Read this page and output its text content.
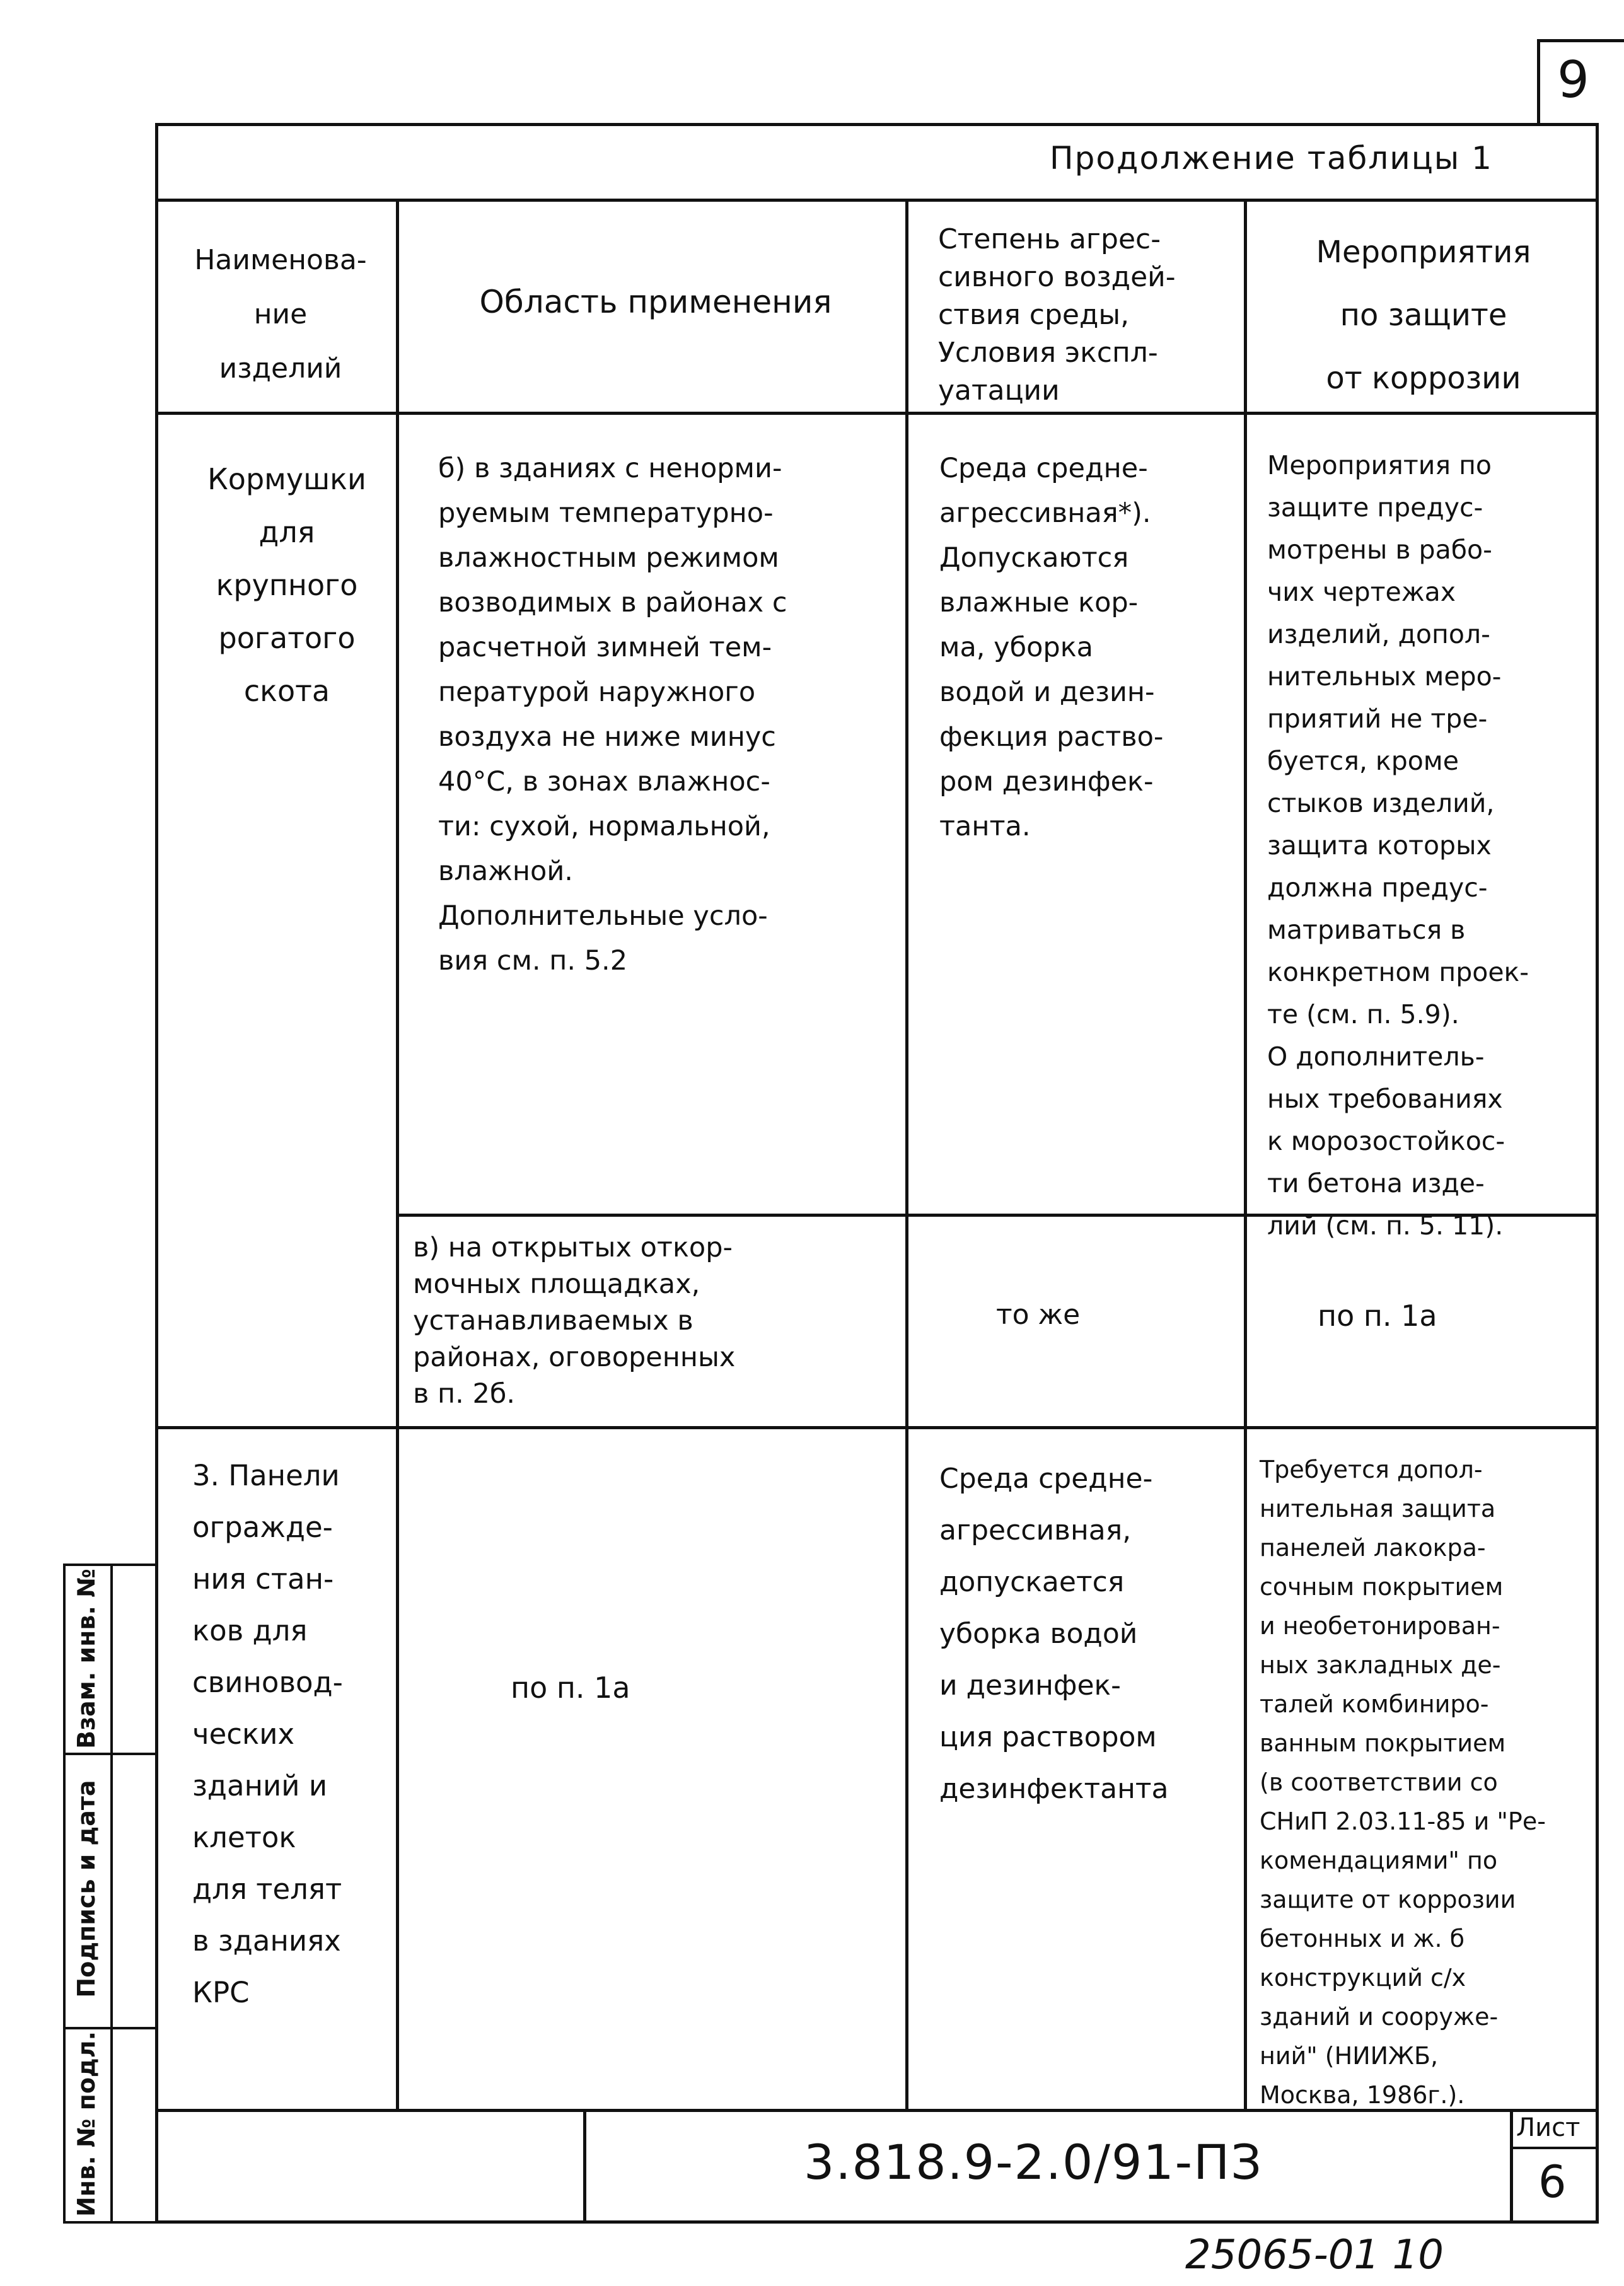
9
Продолжение таблицы 1
Наименова-
ние
изделий
Область применения
Степень агрес-
сивного воздей-
ствия среды,
Условия экспл-
уатации
Мероприятия
по защите
от коррозии
Кормушки
для
крупного
рогатого
скота
б) в зданиях с ненорми-
руемым температурно-
влажностным режимом
возводимых в районах с
расчетной зимней тем-
пературой наружного
воздуха не ниже минус
40°С, в зонах влажнос-
ти: сухой, нормальной,
влажной.
Дополнительные усло-
вия см. п. 5.2
Среда средне-
агрессивная*).
Допускаются
влажные кор-
ма, уборка
водой и дезин-
фекция раство-
ром дезинфек-
танта.
Мероприятия по
защите предус-
мотрены в рабо-
чих чертежах
изделий, допол-
нительных меро-
приятий не тре-
буется, кроме
стыков изделий,
защита которых
должна предус-
матриваться в
конкретном проек-
те (см. п. 5.9).
О дополнитель-
ных требованиях
к морозостойкос-
ти бетона изде-
лий (см. п. 5. 11).
в) на открытых откор-
мочных площадках,
устанавливаемых в
районах, оговоренных
в п. 2б.
то же	по п. 1а
3. Панели
огражде-
ния стан-
ков для
свиновод-
ческих
зданий и
клеток
для телят
в зданиях
КРС
по п. 1а
Среда средне-
агрессивная,
допускается
уборка водой
и дезинфек-
ция раствором
дезинфектанта
Требуется допол-
нительная защита
панелей лакокра-
сочным покрытием
и необетонирован-
ных закладных де-
талей комбиниро-
ванным покрытием
(в соответствии со
СНиП 2.03.11-85 и "Ре-
комендациями" по
защите от коррозии
бетонных и ж. б
конструкций с/х
зданий и сооруже-
ний" (НИИЖБ,
Москва, 1986г.).
3.818.9-2.0/91-ПЗ
Лист
6
25065-01 10
Взам. инв. №
Подпись и дата
Инв. № подл.
